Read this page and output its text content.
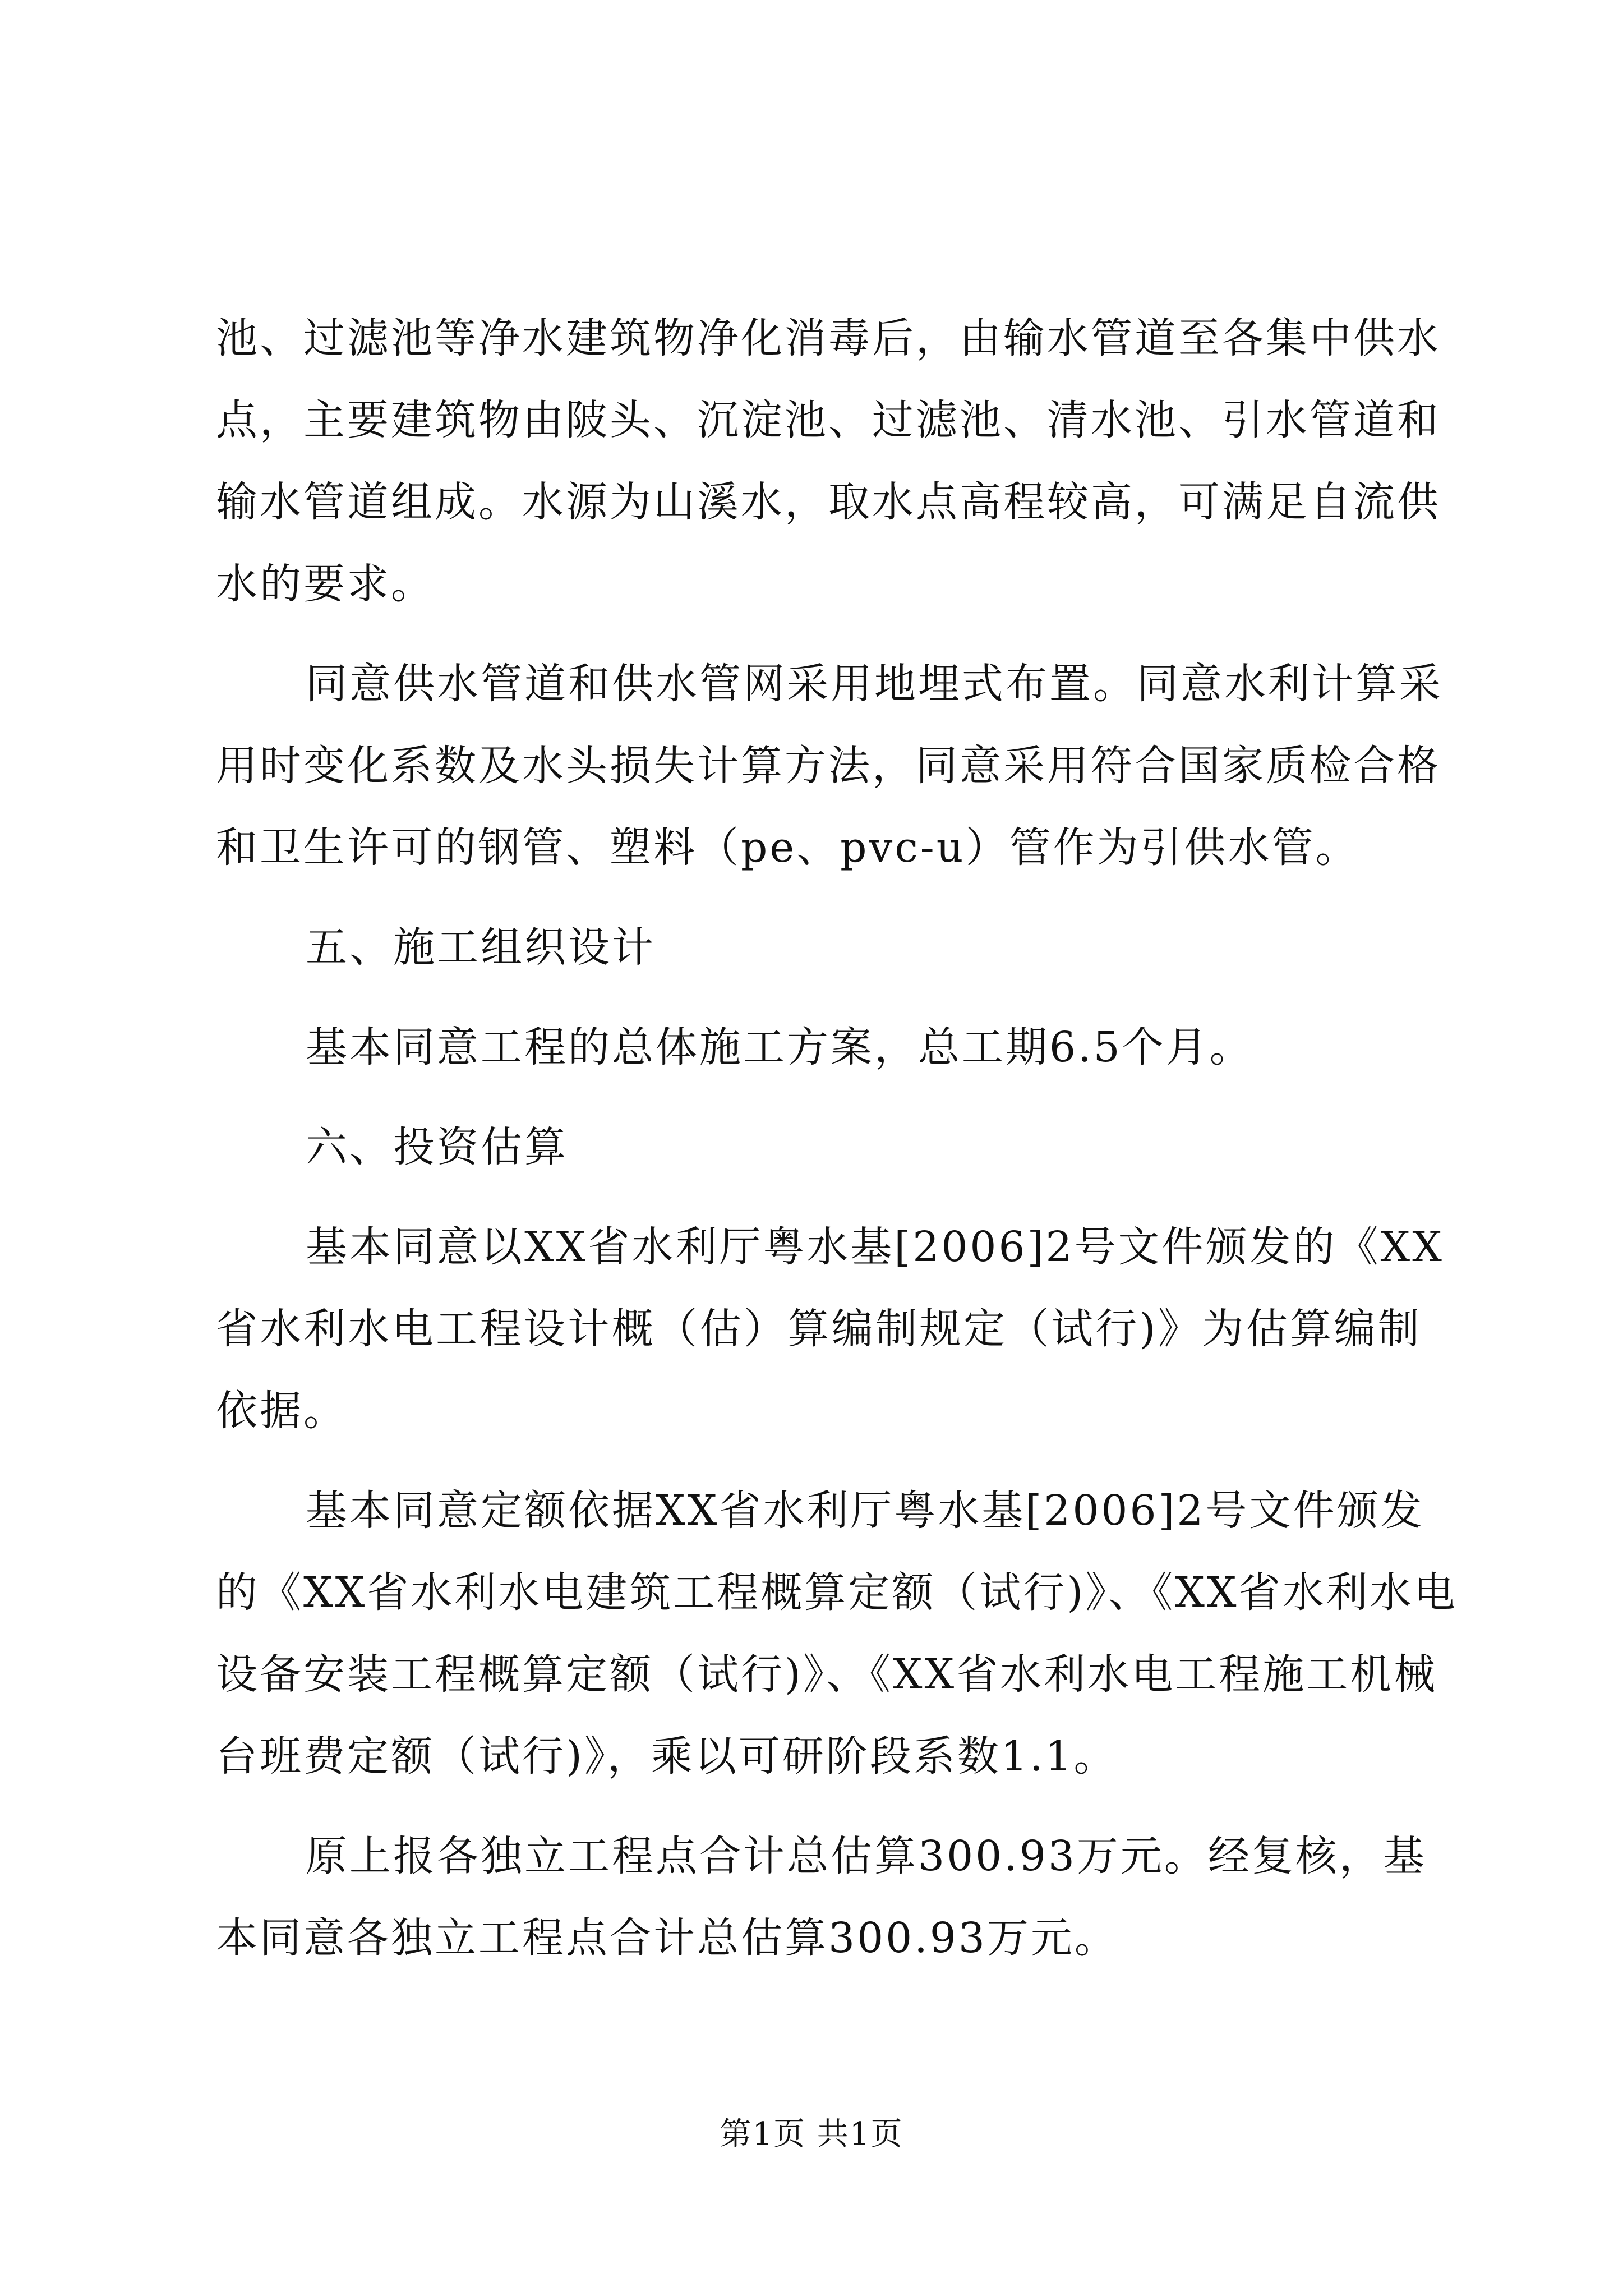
池、过滤池等净水建筑物净化消毒后，由输水管道至各集中供水
点，主要建筑物由陂头、沉淀池、过滤池、清水池、引水管道和
输水管道组成。水源为山溪水，取水点高程较高，可满足自流供
水的要求。
同意供水管道和供水管网采用地埋式布置。同意水利计算采
用时变化系数及水头损失计算方法，同意采用符合国家质检合格
和卫生许可的钢管、塑料（pe、pvc-u）管作为引供水管。
五、施工组织设计
基本同意工程的总体施工方案，总工期6.5个月。
六、投资估算
基本同意以XX省水利厅粤水基[2006]2号文件颁发的《XX
省水利水电工程设计概（估）算编制规定（试行)》为估算编制
依据。
基本同意定额依据XX省水利厅粤水基[2006]2号文件颁发
的《XX省水利水电建筑工程概算定额（试行)》、《XX省水利水电
设备安装工程概算定额（试行)》、《XX省水利水电工程施工机械
台班费定额（试行)》，乘以可研阶段系数1.1。
原上报各独立工程点合计总估算300.93万元。经复核，基
本同意各独立工程点合计总估算300.93万元。
第1页 共1页
